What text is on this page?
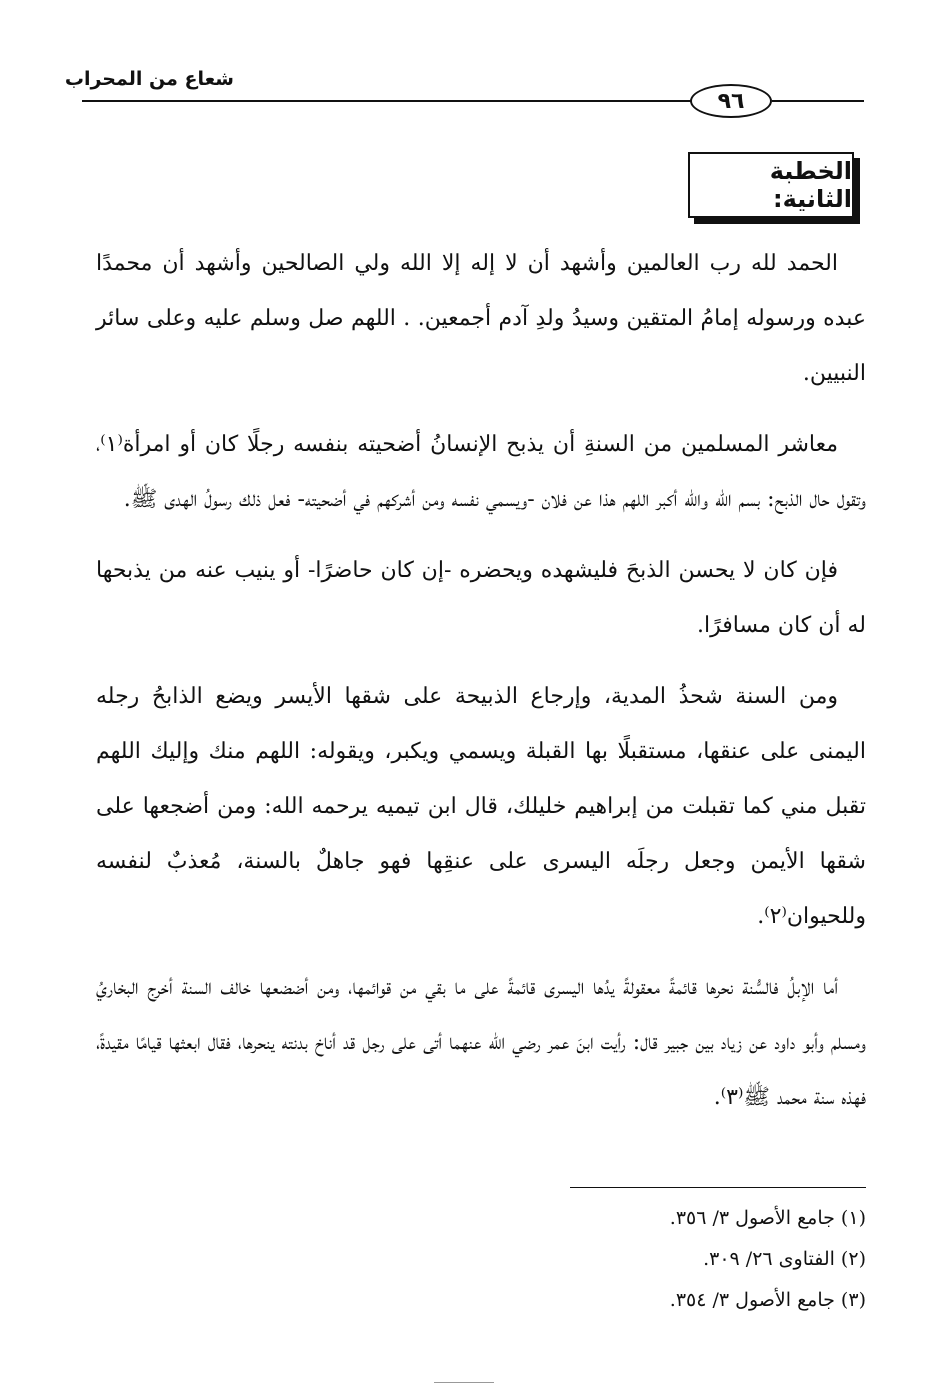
شعاع من المحراب

٩٦
الخطبة الثانية:

الحمد لله رب العالمين وأشهد أن لا إله إلا الله ولي الصالحين وأشهد أن محمدًا عبده ورسوله إمامُ المتقين وسيدُ ولدِ آدم أجمعين. . اللهم صل وسلم عليه وعلى سائر النبيين.

معاشر المسلمين من السنةِ أن يذبح الإنسانُ أضحيته بنفسه رجلًا كان أو امرأة⁽١⁾، وتقول حال الذبح: بسم الله والله أكبر اللهم هذا عن فلان -ويسمي نفسه ومن أشركهم في أضحيته- فعل ذلك رسولُ الهدى ﷺ.

فإن كان لا يحسن الذبحَ فليشهده ويحضره -إن كان حاضرًا- أو ينيب عنه من يذبحها له أن كان مسافرًا.

ومن السنة شحذُ المدية، وإرجاع الذبيحة على شقها الأيسر ويضع الذابحُ رجله اليمنى على عنقها، مستقبلًا بها القبلة ويسمي ويكبر، ويقوله: اللهم منك وإليك اللهم تقبل مني كما تقبلت من إبراهيم خليلك، قال ابن تيميه يرحمه الله: ومن أضجعها على شقها الأيمن وجعل رجلَه اليسرى على عنقِها فهو جاهلٌ بالسنة، مُعذبٌ لنفسه وللحيوان⁽٢⁾.

أما الإبلُ فالسُّنة نحرها قائمةً معقولةً يدُها اليسرى قائمةً على ما بقي من قوائمها، ومن أضضعها خالف السنة أخرج البخاريُ ومسلم وأبو داود عن زياد بين جبير قال: رأيت ابنَ عمر رضي الله عنهما أتى على رجل قد أناخ بدنته ينحرها، فقال ابعثها قيامًا مقيدةً، فهذه سنة محمد ﷺ⁽٣⁾.

(١) جامع الأصول ٣/ ٣٥٦.

(٢) الفتاوى ٢٦/ ٣٠٩.

(٣) جامع الأصول ٣/ ٣٥٤.
